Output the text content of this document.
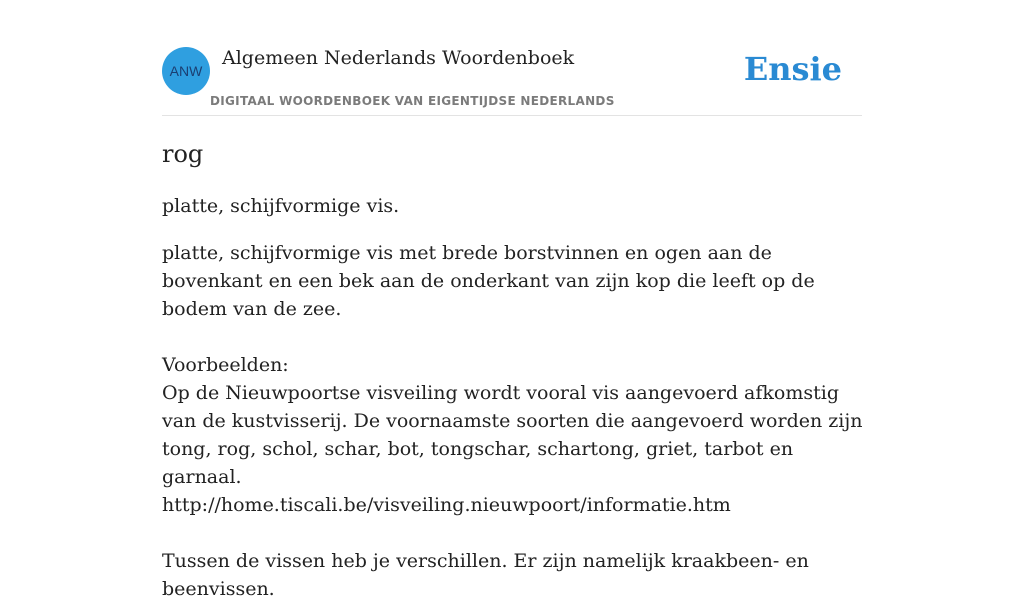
ANW
Algemeen Nederlands Woordenboek
DIGITAAL WOORDENBOEK VAN EIGENTIJDSE NEDERLANDS
Ensie
rog

platte, schijfvormige vis.

platte, schijfvormige vis met brede borstvinnen en ogen aan de bovenkant en een bek aan de onderkant van zijn kop die leeft op de bodem van de zee.

Voorbeelden:

Op de Nieuwpoortse visveiling wordt vooral vis aangevoerd afkomstig van de kustvisserij. De voornaamste soorten die aangevoerd worden zijn tong, rog, schol, schar, bot, tongschar, schartong, griet, tarbot en garnaal.

http://home.tiscali.be/visveiling.nieuwpoort/informatie.htm

Tussen de vissen heb je verschillen. Er zijn namelijk kraakbeen- en beenvissen.
